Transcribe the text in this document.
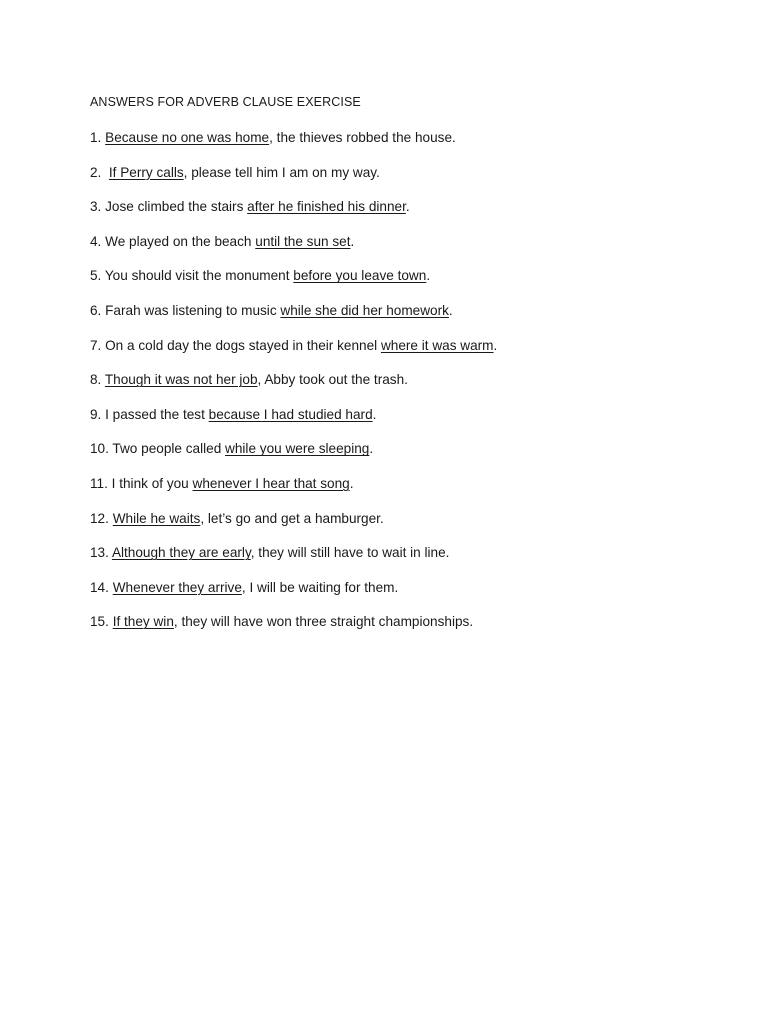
ANSWERS FOR ADVERB CLAUSE EXERCISE
1. Because no one was home, the thieves robbed the house.
2.  If Perry calls, please tell him I am on my way.
3. Jose climbed the stairs after he finished his dinner.
4. We played on the beach until the sun set.
5. You should visit the monument before you leave town.
6. Farah was listening to music while she did her homework.
7. On a cold day the dogs stayed in their kennel where it was warm.
8. Though it was not her job, Abby took out the trash.
9. I passed the test because I had studied hard.
10. Two people called while you were sleeping.
11. I think of you whenever I hear that song.
12. While he waits, let’s go and get a hamburger.
13. Although they are early, they will still have to wait in line.
14. Whenever they arrive, I will be waiting for them.
15. If they win, they will have won three straight championships.
